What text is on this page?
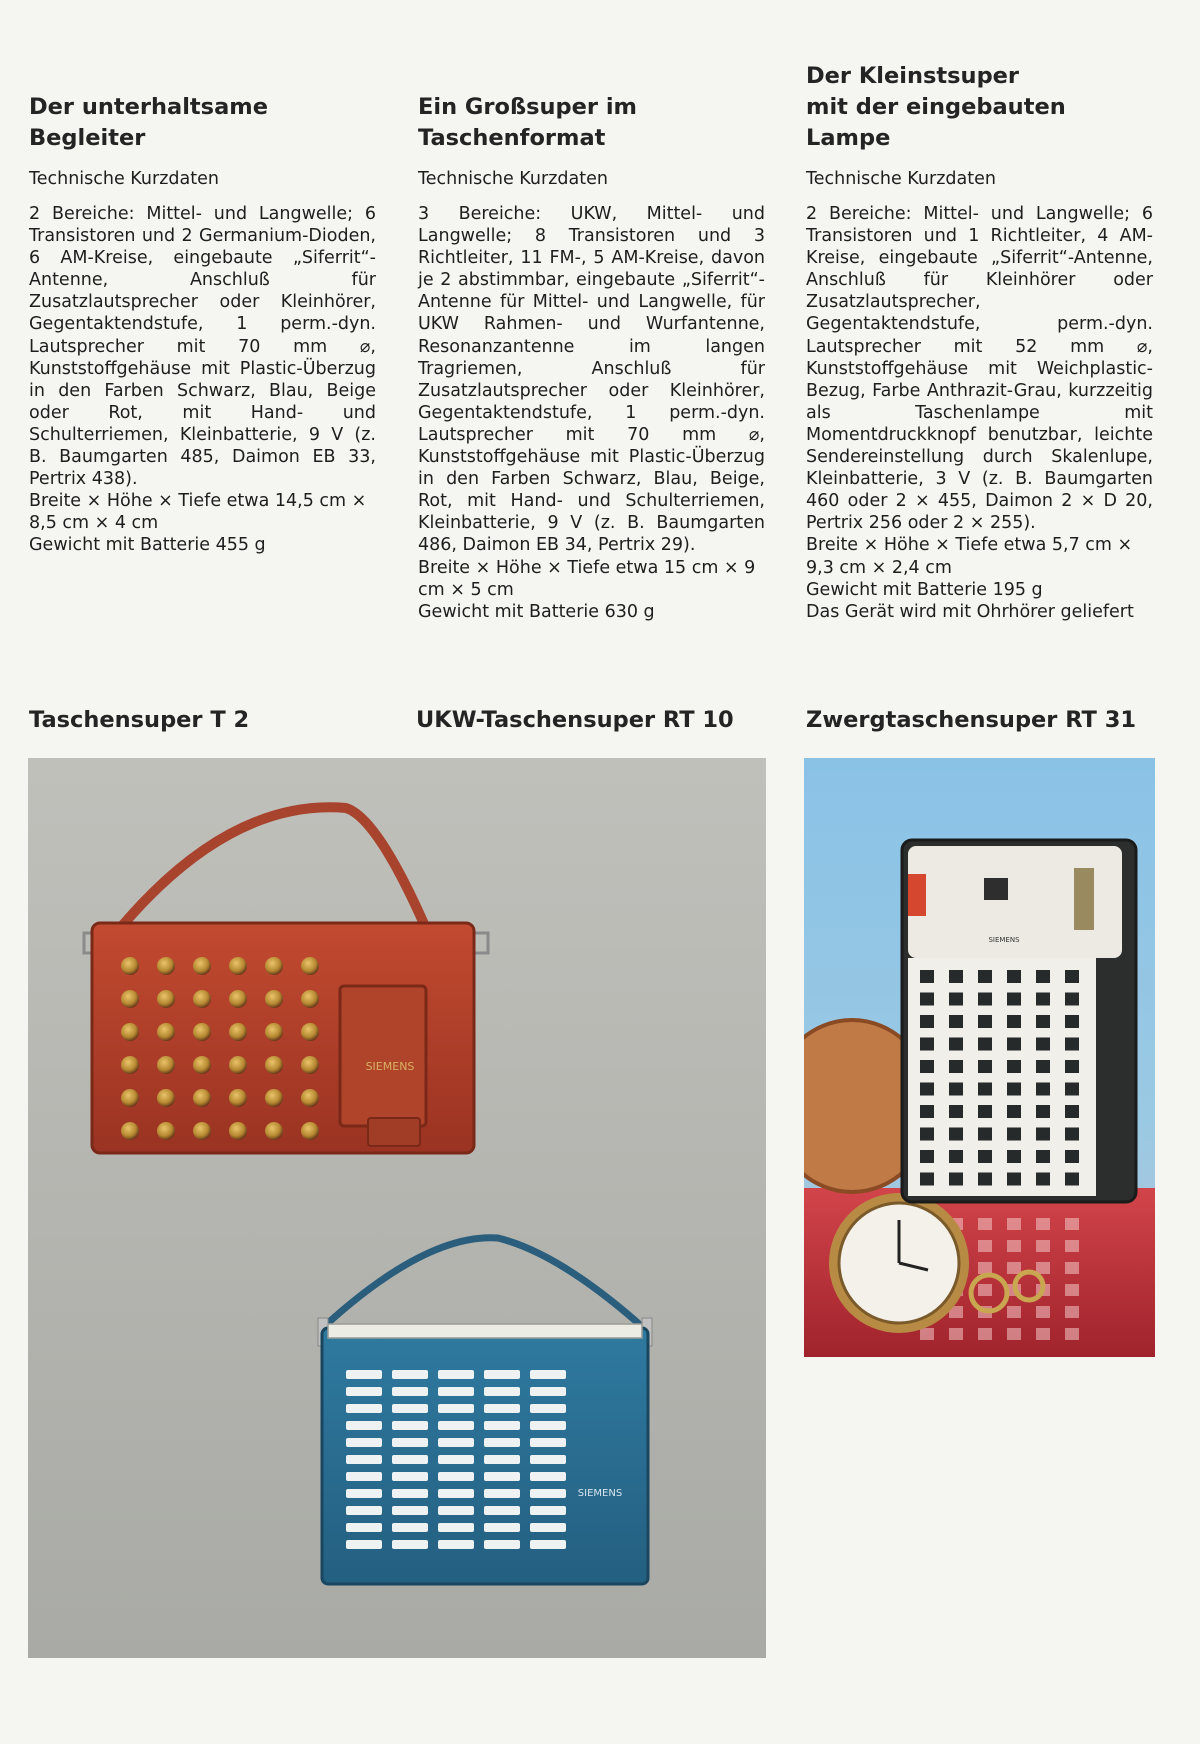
Der unterhaltsame Begleiter
Technische Kurzdaten

2 Bereiche: Mittel- und Langwelle; 6 Transistoren und 2 Germanium-Dioden, 6 AM-Kreise, eingebaute „Siferrit“-Antenne, Anschluß für Zusatzlautsprecher oder Kleinhörer, Gegentaktendstufe, 1 perm.-dyn. Lautsprecher mit 70 mm ⌀, Kunststoffgehäuse mit Plastic-Überzug in den Farben Schwarz, Blau, Beige oder Rot, mit Hand- und Schulterriemen, Kleinbatterie, 9 V (z. B. Baumgarten 485, Daimon EB 33, Pertrix 438).

Breite × Höhe × Tiefe etwa 14,5 cm × 8,5 cm × 4 cm

Gewicht mit Batterie 455 g
Ein Großsuper im
Taschenformat
Technische Kurzdaten

3 Bereiche: UKW, Mittel- und Langwelle; 8 Transistoren und 3 Richtleiter, 11 FM-, 5 AM-Kreise, davon je 2 abstimmbar, eingebaute „Siferrit“-Antenne für Mittel- und Langwelle, für UKW Rahmen- und Wurfantenne, Resonanzantenne im langen Tragriemen, Anschluß für Zusatzlautsprecher oder Kleinhörer, Gegentaktendstufe, 1 perm.-dyn. Lautsprecher mit 70 mm ⌀, Kunststoffgehäuse mit Plastic-Überzug in den Farben Schwarz, Blau, Beige, Rot, mit Hand- und Schulterriemen, Kleinbatterie, 9 V (z. B. Baumgarten 486, Daimon EB 34, Pertrix 29).

Breite × Höhe × Tiefe etwa 15 cm × 9 cm × 5 cm

Gewicht mit Batterie 630 g
Der Kleinstsuper
mit der eingebauten Lampe
Technische Kurzdaten

2 Bereiche: Mittel- und Langwelle; 6 Transistoren und 1 Richtleiter, 4 AM-Kreise, eingebaute „Siferrit“-Antenne, Anschluß für Kleinhörer oder Zusatzlautsprecher, Gegentaktendstufe, perm.-dyn. Lautsprecher mit 52 mm ⌀, Kunststoffgehäuse mit Weichplastic-Bezug, Farbe Anthrazit-Grau, kurzzeitig als Taschenlampe mit Momentdruckknopf benutzbar, leichte Sendereinstellung durch Skalenlupe, Kleinbatterie, 3 V (z. B. Baumgarten 460 oder 2 × 455, Daimon 2 × D 20, Pertrix 256 oder 2 × 255).

Breite × Höhe × Tiefe etwa 5,7 cm × 9,3 cm × 2,4 cm

Gewicht mit Batterie 195 g
Das Gerät wird mit Ohrhörer geliefert
Taschensuper T 2	UKW-Taschensuper RT 10	Zwergtaschensuper RT 31
SIEMENS
SIEMENS
SIEMENS
